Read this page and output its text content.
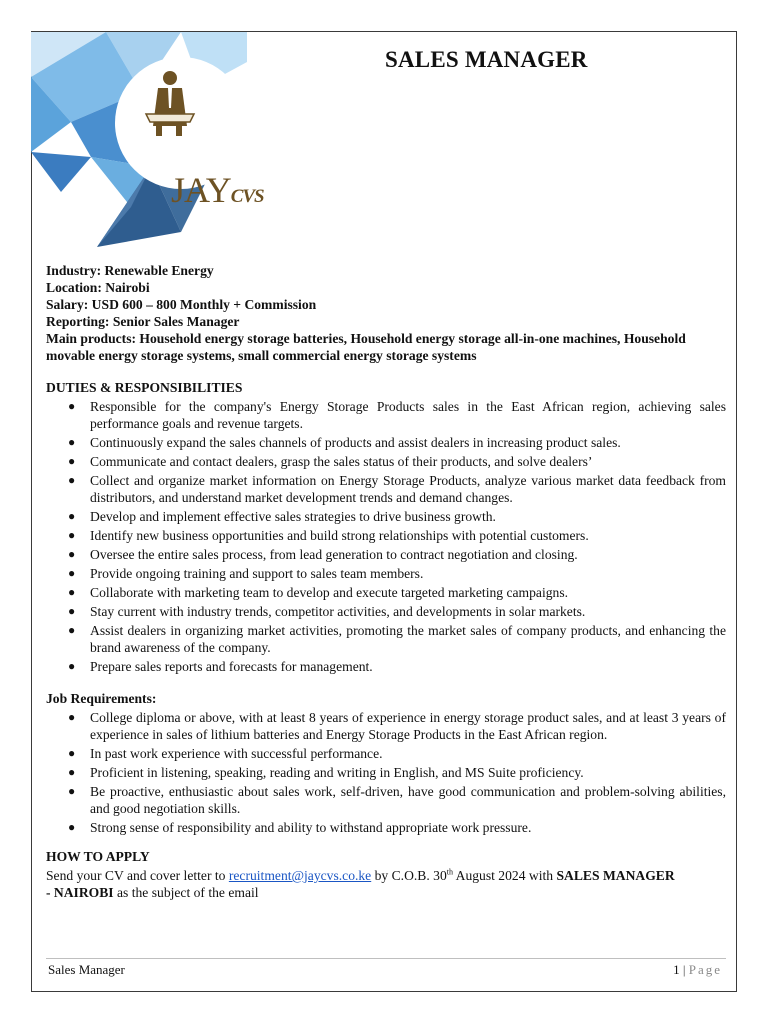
JAYCVS
SALES MANAGER
Industry: Renewable Energy
Location: Nairobi
Salary: USD 600 – 800 Monthly + Commission
Reporting: Senior Sales Manager
Main products: Household energy storage batteries, Household energy storage all-in-one machines, Household movable energy storage systems, small commercial energy storage systems
DUTIES & RESPONSIBILITIES
● Responsible for the company's Energy Storage Products sales in the East African region, achieving sales performance goals and revenue targets.
● Continuously expand the sales channels of products and assist dealers in increasing product sales.
● Communicate and contact dealers, grasp the sales status of their products, and solve dealers’
● Collect and organize market information on Energy Storage Products, analyze various market data feedback from distributors, and understand market development trends and demand changes.
● Develop and implement effective sales strategies to drive business growth.
● Identify new business opportunities and build strong relationships with potential customers.
● Oversee the entire sales process, from lead generation to contract negotiation and closing.
● Provide ongoing training and support to sales team members.
● Collaborate with marketing team to develop and execute targeted marketing campaigns.
● Stay current with industry trends, competitor activities, and developments in solar markets.
● Assist dealers in organizing market activities, promoting the market sales of company products, and enhancing the brand awareness of the company.
● Prepare sales reports and forecasts for management.
Job Requirements:
● College diploma or above, with at least 8 years of experience in energy storage product sales, and at least 3 years of experience in sales of lithium batteries and Energy Storage Products in the East African region.
● In past work experience with successful performance.
● Proficient in listening, speaking, reading and writing in English, and MS Suite proficiency.
● Be proactive, enthusiastic about sales work, self-driven, have good communication and problem-solving abilities, and good negotiation skills.
● Strong sense of responsibility and ability to withstand appropriate work pressure.
HOW TO APPLY

Send your CV and cover letter to recruitment@jaycvs.co.ke by C.O.B. 30th August 2024 with SALES MANAGER
- NAIROBI as the subject of the email

Sales Manager	1 | Page
